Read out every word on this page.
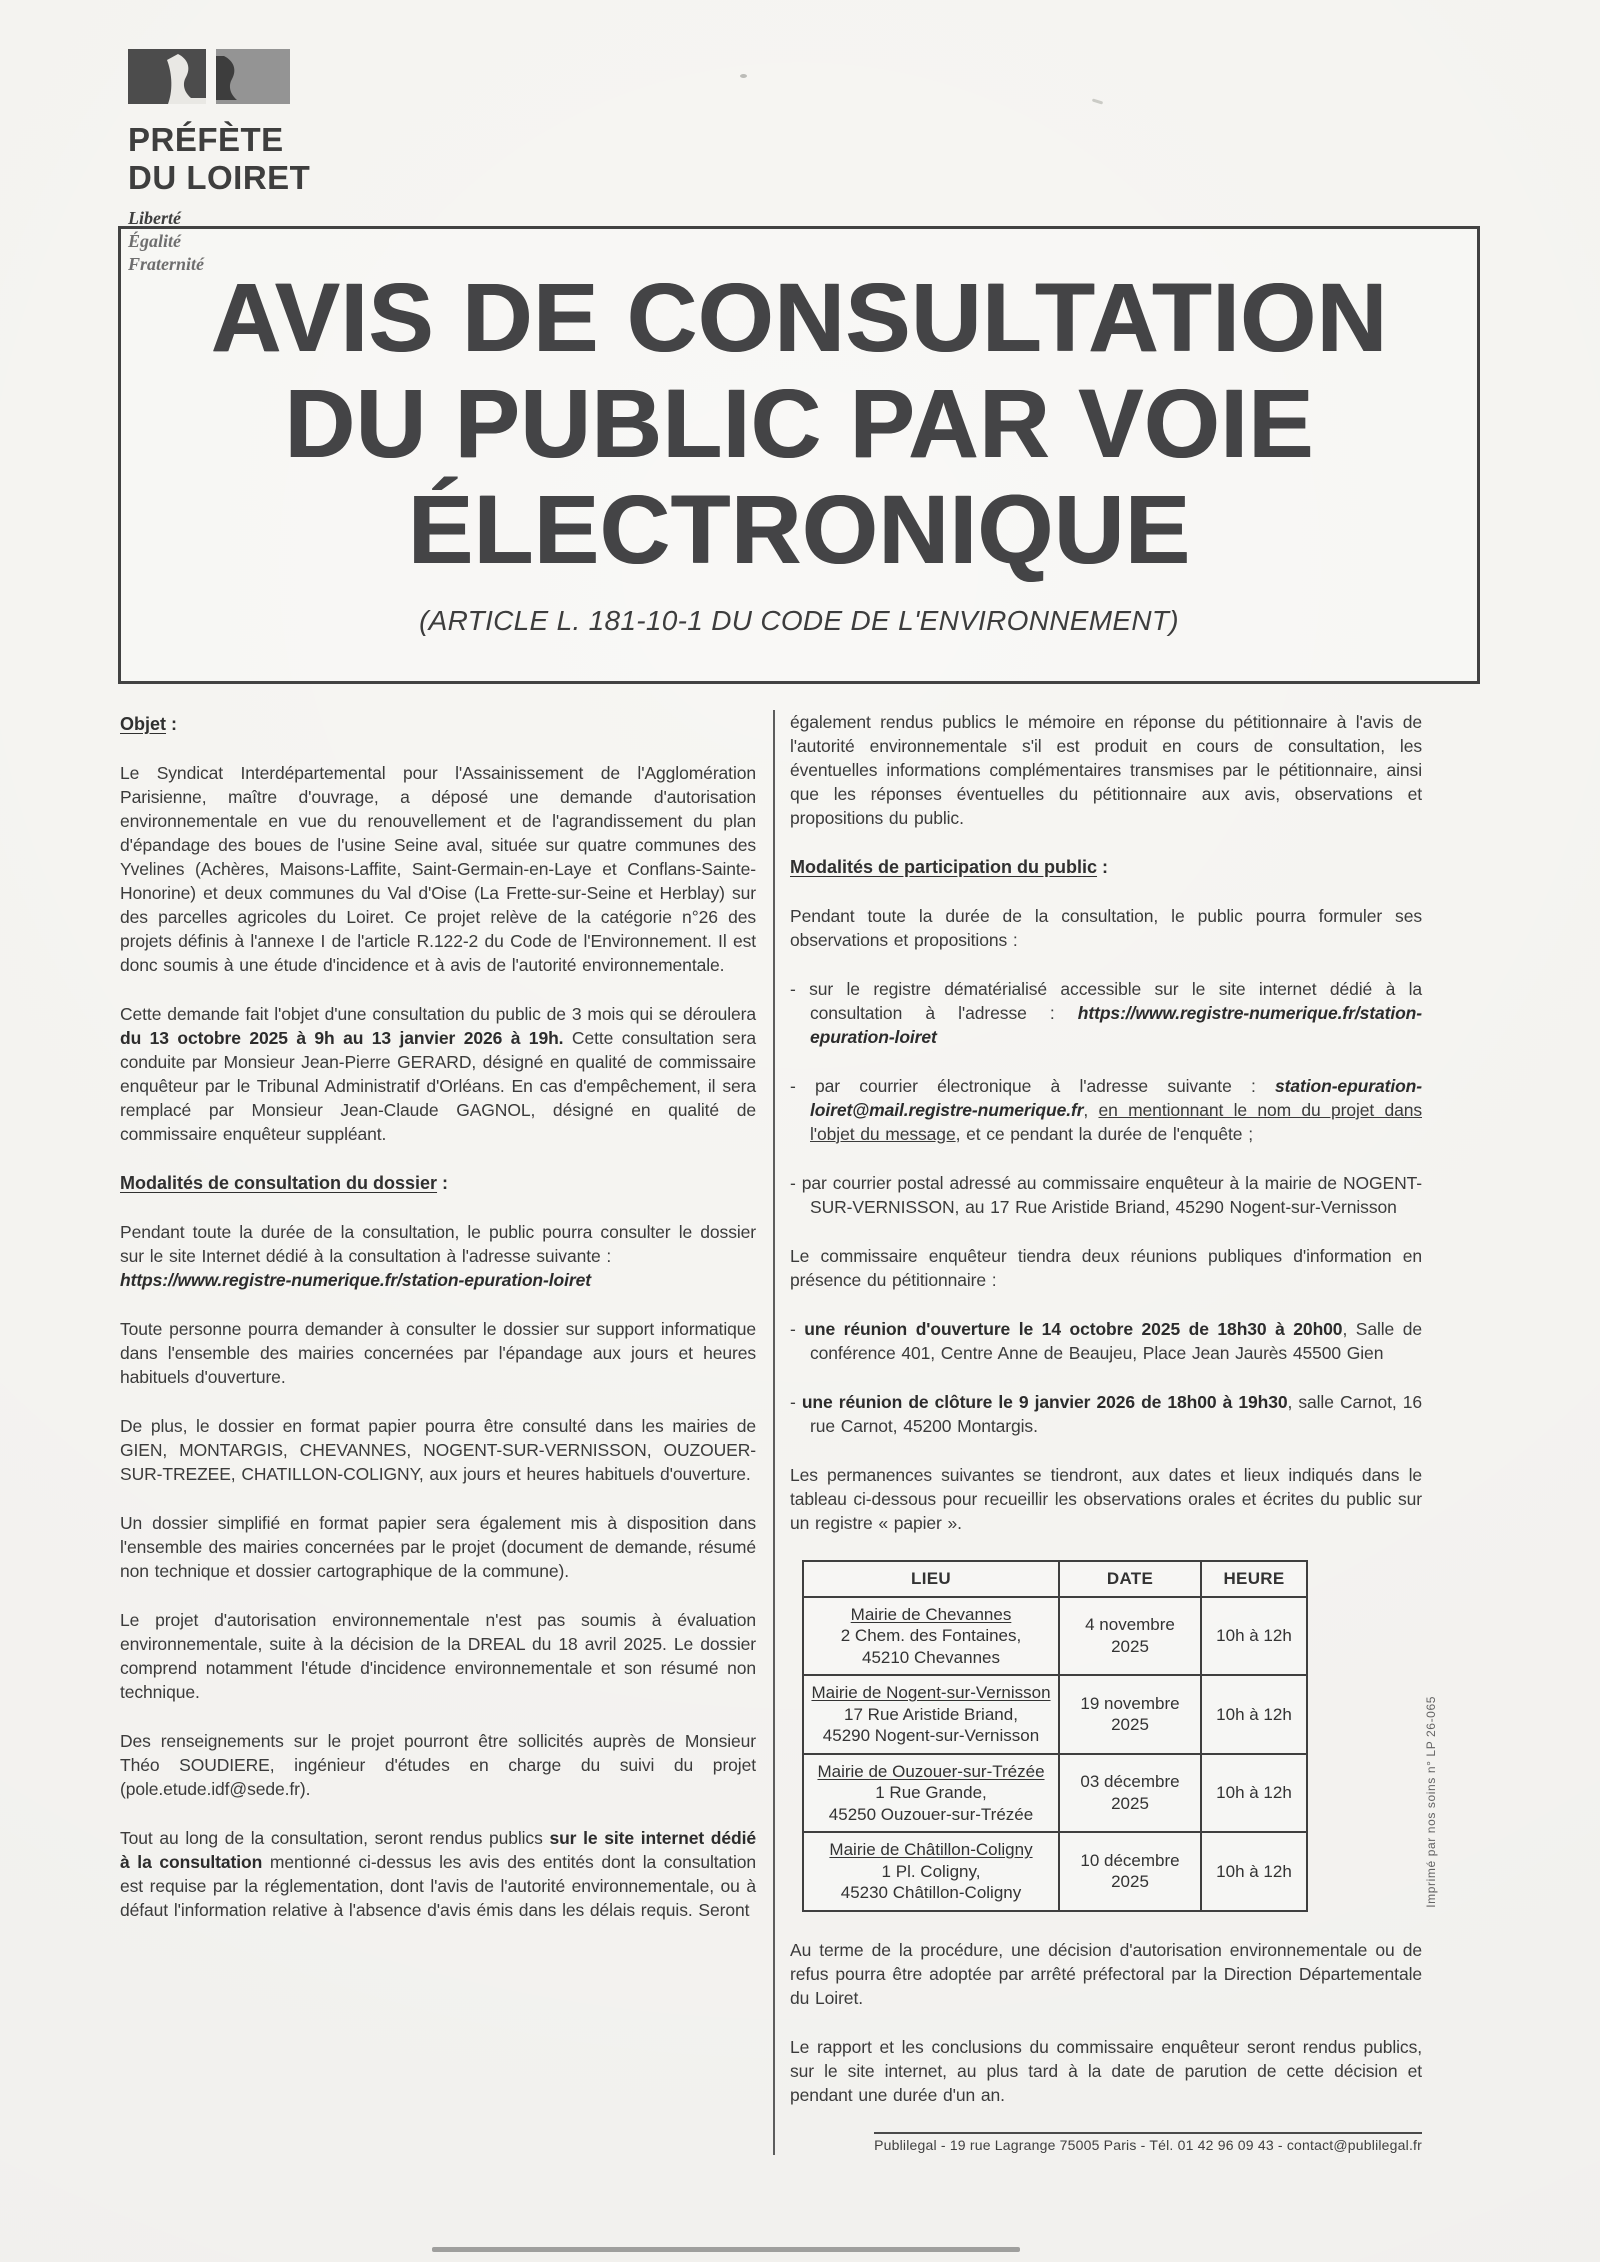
PRÉFÈTE
DU LOIRET
Liberté
Égalité
Fraternité AVIS DE CONSULTATION
DU PUBLIC PAR VOIE
ÉLECTRONIQUE
(ARTICLE L. 181-10-1 DU CODE DE L'ENVIRONNEMENT)
Objet :

Le Syndicat Interdépartemental pour l'Assainissement de l'Agglomération Parisienne, maître d'ouvrage, a déposé une demande d'autorisation environnementale en vue du renouvellement et de l'agrandissement du plan d'épandage des boues de l'usine Seine aval, située sur quatre communes des Yvelines (Achères, Maisons-Laffite, Saint-Germain-en-Laye et Conflans-Sainte-Honorine) et deux communes du Val d'Oise (La Frette-sur-Seine et Herblay) sur des parcelles agricoles du Loiret. Ce projet relève de la catégorie n°26 des projets définis à l'annexe I de l'article R.122-2 du Code de l'Environnement. Il est donc soumis à une étude d'incidence et à avis de l'autorité environnementale.

Cette demande fait l'objet d'une consultation du public de 3 mois qui se déroulera du 13 octobre 2025 à 9h au 13 janvier 2026 à 19h. Cette consultation sera conduite par Monsieur Jean-Pierre GERARD, désigné en qualité de commissaire enquêteur par le Tribunal Administratif d'Orléans. En cas d'empêchement, il sera remplacé par Monsieur Jean-Claude GAGNOL, désigné en qualité de commissaire enquêteur suppléant.

Modalités de consultation du dossier :

Pendant toute la durée de la consultation, le public pourra consulter le dossier sur le site Internet dédié à la consultation à l'adresse suivante :
https://www.registre-numerique.fr/station-epuration-loiret

Toute personne pourra demander à consulter le dossier sur support informatique dans l'ensemble des mairies concernées par l'épandage aux jours et heures habituels d'ouverture.

De plus, le dossier en format papier pourra être consulté dans les mairies de GIEN, MONTARGIS, CHEVANNES, NOGENT-SUR-VERNISSON, OUZOUER-SUR-TREZEE, CHATILLON-COLIGNY, aux jours et heures habituels d'ouverture.

Un dossier simplifié en format papier sera également mis à disposition dans l'ensemble des mairies concernées par le projet (document de demande, résumé non technique et dossier cartographique de la commune).

Le projet d'autorisation environnementale n'est pas soumis à évaluation environnementale, suite à la décision de la DREAL du 18 avril 2025. Le dossier comprend notamment l'étude d'incidence environnementale et son résumé non technique.

Des renseignements sur le projet pourront être sollicités auprès de Monsieur Théo SOUDIERE, ingénieur d'études en charge du suivi du projet (pole.etude.idf@sede.fr).

Tout au long de la consultation, seront rendus publics sur le site internet dédié à la consultation mentionné ci-dessus les avis des entités dont la consultation est requise par la réglementation, dont l'avis de l'autorité environnementale, ou à défaut l'information relative à l'absence d'avis émis dans les délais requis. Seront

également rendus publics le mémoire en réponse du pétitionnaire à l'avis de l'autorité environnementale s'il est produit en cours de consultation, les éventuelles informations complémentaires transmises par le pétitionnaire, ainsi que les réponses éventuelles du pétitionnaire aux avis, observations et propositions du public.

Modalités de participation du public :

Pendant toute la durée de la consultation, le public pourra formuler ses observations et propositions :

- sur le registre dématérialisé accessible sur le site internet dédié à la consultation à l'adresse : https://www.registre-numerique.fr/station-epuration-loiret

- par courrier électronique à l'adresse suivante : station-epuration-loiret@mail.registre-numerique.fr, en mentionnant le nom du projet dans l'objet du message, et ce pendant la durée de l'enquête ;

- par courrier postal adressé au commissaire enquêteur à la mairie de NOGENT-SUR-VERNISSON, au 17 Rue Aristide Briand, 45290 Nogent-sur-Vernisson

Le commissaire enquêteur tiendra deux réunions publiques d'information en présence du pétitionnaire :

- une réunion d'ouverture le 14 octobre 2025 de 18h30 à 20h00, Salle de conférence 401, Centre Anne de Beaujeu, Place Jean Jaurès 45500 Gien

- une réunion de clôture le 9 janvier 2026 de 18h00 à 19h30, salle Carnot, 16 rue Carnot, 45200 Montargis.

Les permanences suivantes se tiendront, aux dates et lieux indiqués dans le tableau ci-dessous pour recueillir les observations orales et écrites du public sur un registre « papier ».

LIEU	DATE	HEURE

Mairie de Chevannes
2 Chem. des Fontaines,
45210 Chevannes	4 novembre 2025	10h à 12h

Mairie de Nogent-sur-Vernisson
17 Rue Aristide Briand,
45290 Nogent-sur-Vernisson	19 novembre 2025	10h à 12h

Mairie de Ouzouer-sur-Trézée
1 Rue Grande,
45250 Ouzouer-sur-Trézée	03 décembre 2025	10h à 12h

Mairie de Châtillon-Coligny
1 Pl. Coligny,
45230 Châtillon-Coligny	10 décembre 2025	10h à 12h

Au terme de la procédure, une décision d'autorisation environnementale ou de refus pourra être adoptée par arrêté préfectoral par la Direction Départementale du Loiret.

Le rapport et les conclusions du commissaire enquêteur seront rendus publics, sur le site internet, au plus tard à la date de parution de cette décision et pendant une durée d'un an.

Publilegal - 19 rue Lagrange 75005 Paris - Tél. 01 42 96 09 43 - contact@publilegal.fr
Imprimé par nos soins n° LP 26-065
